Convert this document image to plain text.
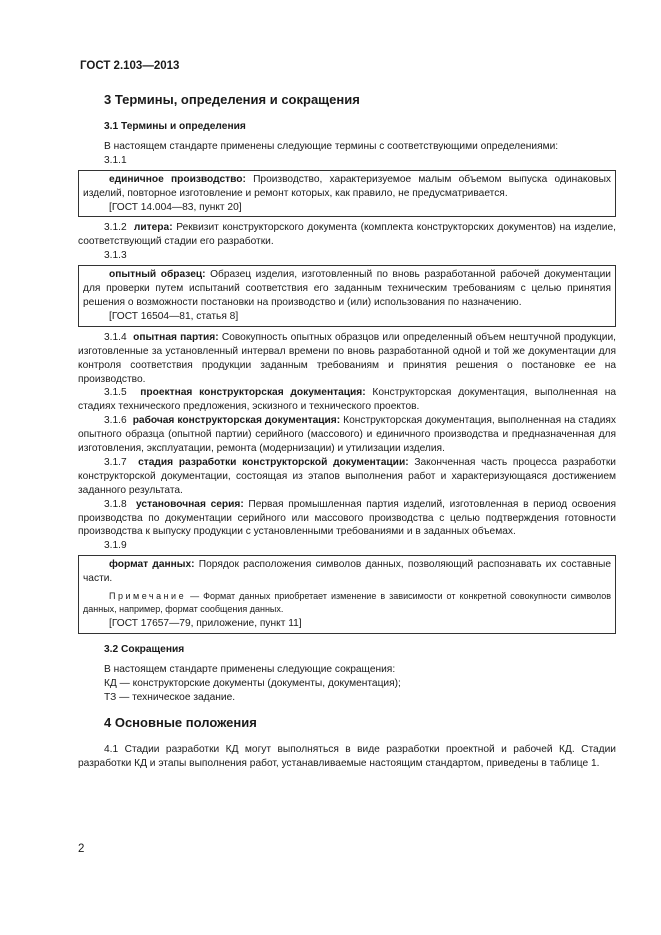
ГОСТ 2.103—2013
3 Термины, определения и сокращения
3.1 Термины и определения

В настоящем стандарте применены следующие термины с соответствующими определениями:

3.1.1

единичное производство: Производство, характеризуемое малым объемом выпуска одинаковых изделий, повторное изготовление и ремонт которых, как правило, не предусматривается.

[ГОСТ 14.004—83, пункт 20]

3.1.2 литера: Реквизит конструкторского документа (комплекта конструкторских документов) на изделие, соответствующий стадии его разработки.

3.1.3

опытный образец: Образец изделия, изготовленный по вновь разработанной рабочей документации для проверки путем испытаний соответствия его заданным техническим требованиям с целью принятия решения о возможности постановки на производство и (или) использования по назначению.

[ГОСТ 16504—81, статья 8]

3.1.4 опытная партия: Совокупность опытных образцов или определенный объем нештучной продукции, изготовленные за установленный интервал времени по вновь разработанной одной и той же документации для контроля соответствия продукции заданным требованиям и принятия решения о постановке ее на производство.

3.1.5 проектная конструкторская документация: Конструкторская документация, выполненная на стадиях технического предложения, эскизного и технического проектов.

3.1.6 рабочая конструкторская документация: Конструкторская документация, выполненная на стадиях опытного образца (опытной партии) серийного (массового) и единичного производства и предназначенная для изготовления, эксплуатации, ремонта (модернизации) и утилизации изделия.

3.1.7 стадия разработки конструкторской документации: Законченная часть процесса разработки конструкторской документации, состоящая из этапов выполнения работ и характеризующаяся достижением заданного результата.

3.1.8 установочная серия: Первая промышленная партия изделий, изготовленная в период освоения производства по документации серийного или массового производства с целью подтверждения готовности производства к выпуску продукции с установленными требованиями и в заданных объемах.

3.1.9

формат данных: Порядок расположения символов данных, позволяющий распознавать их составные части.

Примечание — Формат данных приобретает изменение в зависимости от конкретной совокупности символов данных, например, формат сообщения данных.

[ГОСТ 17657—79, приложение, пункт 11]
3.2 Сокращения

В настоящем стандарте применены следующие сокращения:

КД — конструкторские документы (документы, документация);

ТЗ — техническое задание.

4 Основные положения

4.1 Стадии разработки КД могут выполняться в виде разработки проектной и рабочей КД. Стадии разработки КД и этапы выполнения работ, устанавливаемые настоящим стандартом, приведены в таблице 1.

2
